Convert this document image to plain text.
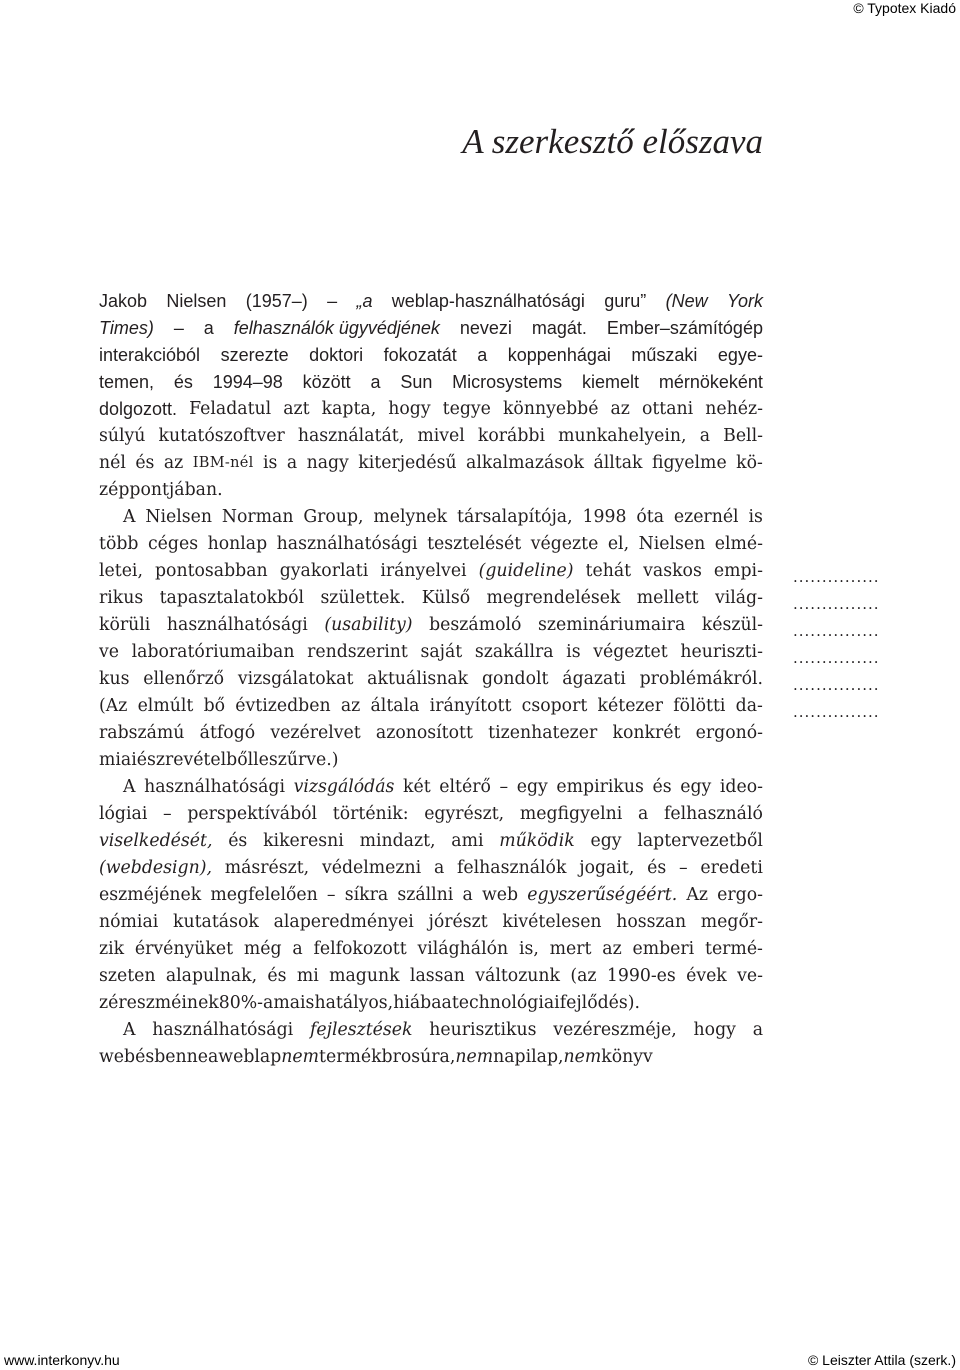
© Typotex Kiadó
A szerkesztő előszava
Jakob Nielsen (1957–) – „a weblap-használhatósági guru” (New York
Times) – a felhasználók ügyvédjének nevezi magát. Ember–számítógép
interakcióból szerezte doktori fokozatát a koppenhágai műszaki egye-
temen, és 1994–98 között a Sun Microsystems kiemelt mérnökeként
dolgozott. Feladatul azt kapta, hogy tegye könnyebbé az ottani nehéz-
súlyú kutatószoftver használatát, mivel korábbi munkahelyein, a Bell-
nél és az IBM-nél is a nagy kiterjedésű alkalmazások álltak figyelme kö-
zéppontjában.
A Nielsen Norman Group, melynek társalapítója, 1998 óta ezernél is
több céges honlap használhatósági tesztelését végezte el, Nielsen elmé-
letei, pontosabban gyakorlati irányelvei (guideline) tehát vaskos empi-
rikus tapasztalatokból születtek. Külső megrendelések mellett világ-
körüli használhatósági (usability) beszámoló szemináriumaira készül-
ve laboratóriumaiban rendszerint saját szakállra is végeztet heuriszti-
kus ellenőrző vizsgálatokat aktuálisnak gondolt ágazati problémákról.
(Az elmúlt bő évtizedben az általa irányított csoport kétezer fölötti da-
rabszámú átfogó vezérelvet azonosított tizenhatezer konkrét ergonó-
miai észrevételből leszűrve.)
A használhatósági vizsgálódás két eltérő – egy empirikus és egy ideo-
lógiai – perspektívából történik: egyrészt, megfigyelni a felhasználó
viselkedését, és kikeresni mindazt, ami működik egy laptervezetből
(webdesign), másrészt, védelmezni a felhasználók jogait, és – eredeti
eszméjének megfelelően – síkra szállni a web egyszerűségéért. Az ergo-
nómiai kutatások alaperedményei jórészt kivételesen hosszan megőr-
zik érvényüket még a felfokozott világhálón is, mert az emberi termé-
szeten alapulnak, és mi magunk lassan változunk (az 1990-es évek ve-
zéreszméinek 80%-a ma is hatályos, hiába a technológiai fejlődés).
A használhatósági fejlesztések heurisztikus vezéreszméje, hogy a
web és benne a weblap nem termékbrosúra, nem napilap, nem könyv
...............
...............
...............
...............
...............
...............
www.interkonyv.hu	© Leiszter Attila (szerk.)
